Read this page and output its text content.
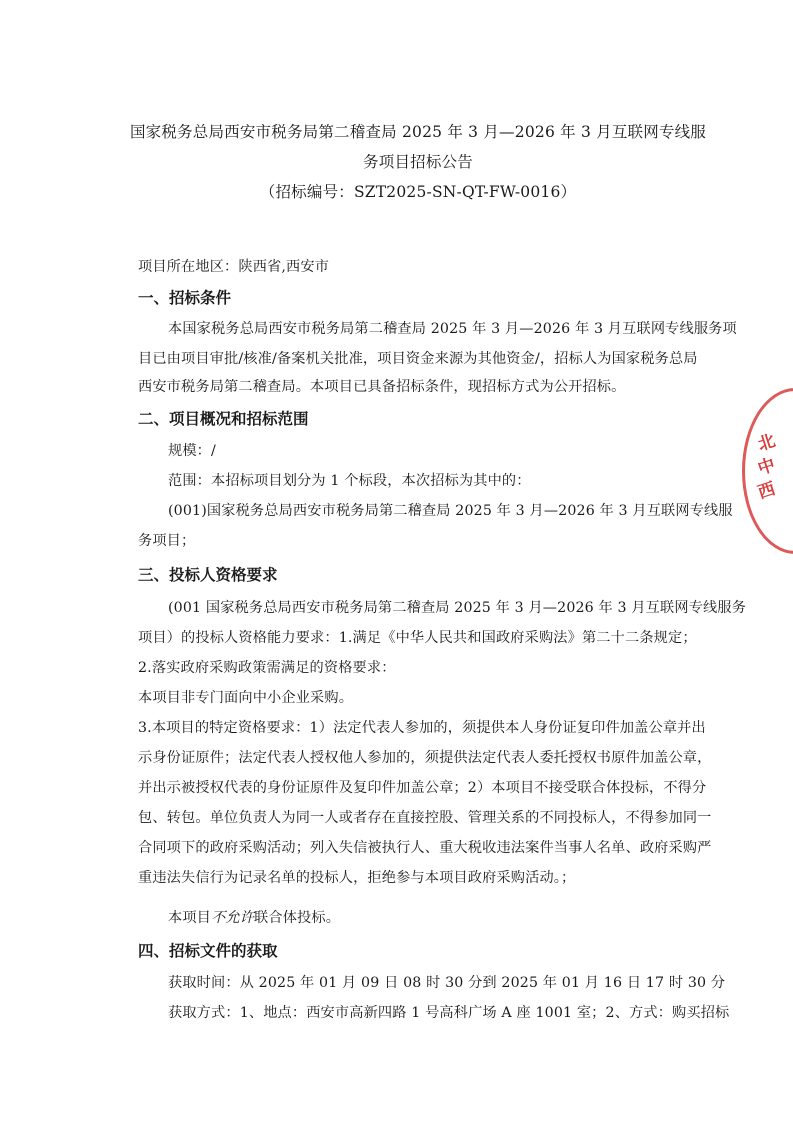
国家税务总局西安市税务局第二稽查局 2025 年 3 月—2026 年 3 月互联网专线服
务项目招标公告
（招标编号：SZT2025-SN-QT-FW-0016）
项目所在地区：陕西省,西安市
一、招标条件
本国家税务总局西安市税务局第二稽查局 2025 年 3 月—2026 年 3 月互联网专线服务项
目已由项目审批/核准/备案机关批准，项目资金来源为其他资金/，招标人为国家税务总局
西安市税务局第二稽查局。本项目已具备招标条件，现招标方式为公开招标。
二、项目概况和招标范围
规模：/
范围：本招标项目划分为 1 个标段，本次招标为其中的：
(001)国家税务总局西安市税务局第二稽查局 2025 年 3 月—2026 年 3 月互联网专线服
务项目；
三、投标人资格要求
(001 国家税务总局西安市税务局第二稽查局 2025 年 3 月—2026 年 3 月互联网专线服务
项目）的投标人资格能力要求：1.满足《中华人民共和国政府采购法》第二十二条规定；
2.落实政府采购政策需满足的资格要求：
本项目非专门面向中小企业采购。
3.本项目的特定资格要求：1）法定代表人参加的，须提供本人身份证复印件加盖公章并出
示身份证原件；法定代表人授权他人参加的，须提供法定代表人委托授权书原件加盖公章，
并出示被授权代表的身份证原件及复印件加盖公章；2）本项目不接受联合体投标，不得分
包、转包。单位负责人为同一人或者存在直接控股、管理关系的不同投标人，不得参加同一
合同项下的政府采购活动；列入失信被执行人、重大税收违法案件当事人名单、政府采购严
重违法失信行为记录名单的投标人，拒绝参与本项目政府采购活动。；
本项目不允许联合体投标。
四、招标文件的获取
获取时间：从 2025 年 01 月 09 日 08 时 30 分到 2025 年 01 月 16 日 17 时 30 分
获取方式：1、地点：西安市高新四路 1 号高科广场 A 座 1001 室；2、方式：购买招标
北
中
西
